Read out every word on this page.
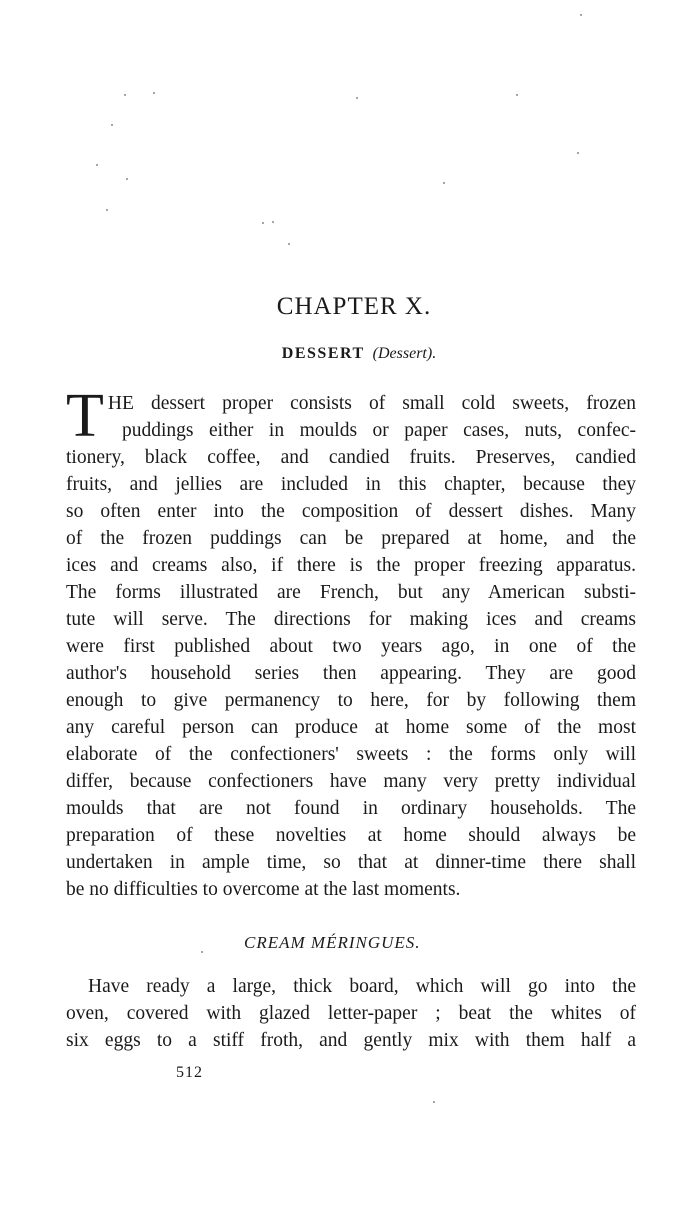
CHAPTER X.
DESSERT (Dessert).
T HE dessert proper consists of small cold sweets, frozen
puddings either in moulds or paper cases, nuts, confec-
tionery, black coffee, and candied fruits. Preserves, candied
fruits, and jellies are included in this chapter, because they
so often enter into the composition of dessert dishes. Many
of the frozen puddings can be prepared at home, and the
ices and creams also, if there is the proper freezing apparatus.
The forms illustrated are French, but any American substi-
tute will serve. The directions for making ices and creams
were first published about two years ago, in one of the
author's household series then appearing. They are good
enough to give permanency to here, for by following them
any careful person can produce at home some of the most
elaborate of the confectioners' sweets : the forms only will
differ, because confectioners have many very pretty individual
moulds that are not found in ordinary households. The
preparation of these novelties at home should always be
undertaken in ample time, so that at dinner-time there shall
be no difficulties to overcome at the last moments.
CREAM MÉRINGUES.
Have ready a large, thick board, which will go into the
oven, covered with glazed letter-paper ; beat the whites of
six eggs to a stiff froth, and gently mix with them half a
512
